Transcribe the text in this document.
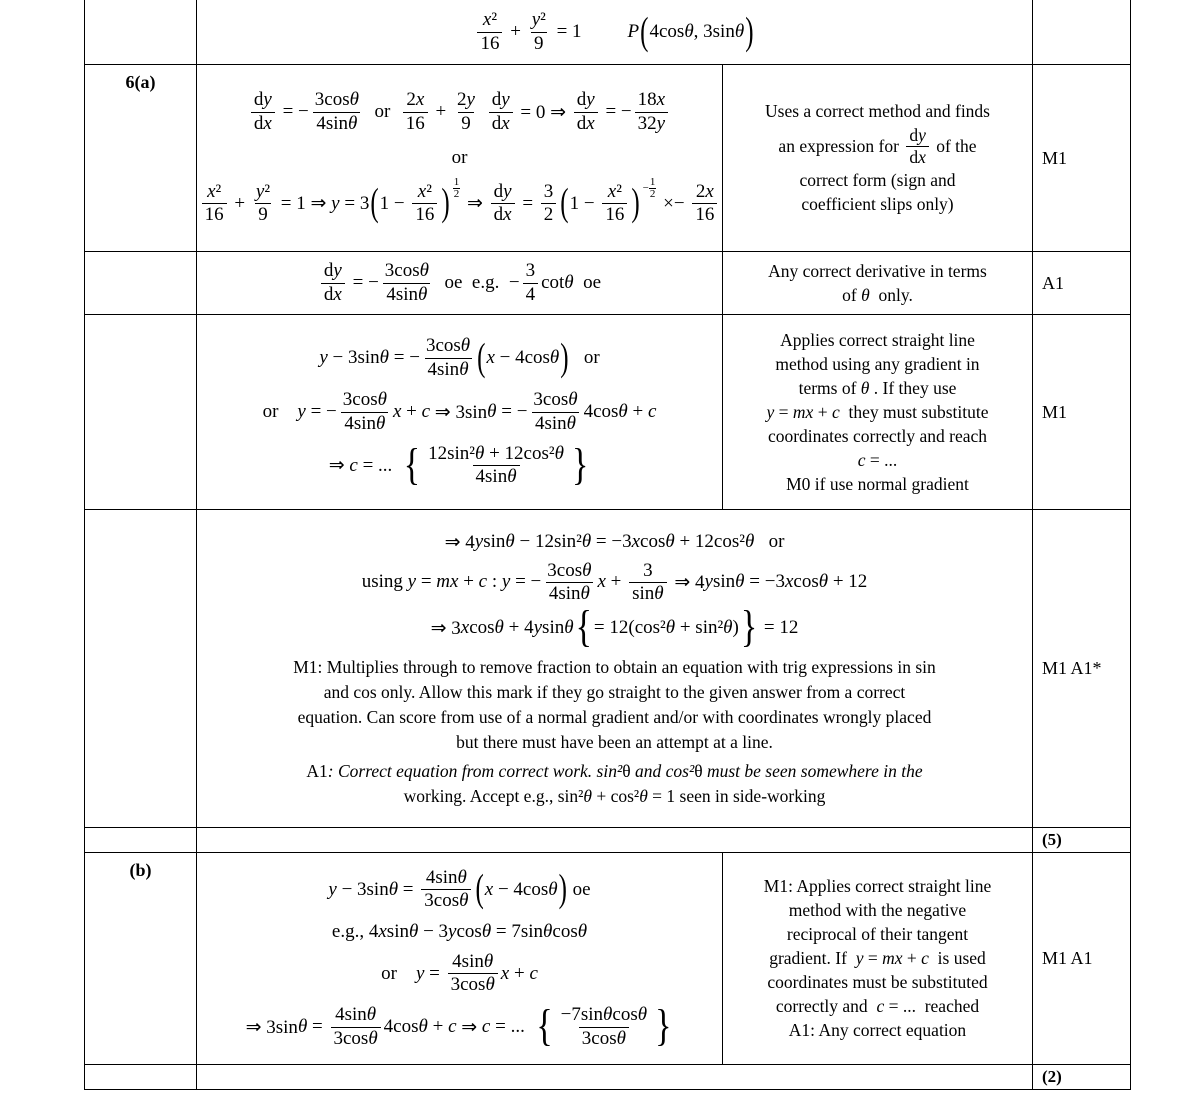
$\frac{\text{x²}}{16} + \frac{\text{y²}}{9} = 1$ P ( 4cos θ , 3sin θ )
6(a)
$\frac{dy}{dx}$ = − $\frac{3\cos\theta}{4\sin\theta}$ or $\frac{2x}{16} + \frac{2y}{9}$
$\frac{dy}{dx} = 0$ ⇒ $\frac{dy}{dx}$ = − $\frac{18x}{32y}$
or
$\frac{\text{x²}}{16} + \frac{\text{y²}}{9} = 1$ ⇒ y = 3 ( $1 - \frac{\text{x²}}{16}$ ) $\frac{1}{2}$
⇒ $\frac{dy}{dx} = \frac{3}{2}$ ( $1 - \frac{\text{x²}}{16}$ ) − $\frac{1}{2}$
×− $\frac{2x}{16}$
Uses a correct method and finds
an expression for $\frac{dy}{dx}$ of the
correct form (sign and
coefficient slips only)
M1
$\frac{dy}{dx}$ = − $\frac{3\cos\theta}{4\sin\theta}$ oe  e.g.  − $\frac{3}{4}$ cot θ oe
Any correct derivative in terms
of θ only.
A1
y − 3sin θ = − $\frac{3\cos\theta}{4\sin\theta}$ ( x − 4cos θ ) or
or y = − $\frac{3\cos\theta}{4\sin\theta}$ x + c ⇒ 3sin θ = − $\frac{3\cos\theta}{4\sin\theta} 4\cos$ θ + c
⇒ c = ... { $\frac{\text{12sin²θ + 12cos²θ}}{4\sin\theta}$ }
Applies correct straight line
method using any gradient in
terms of θ . If they use
y = mx + c they must substitute
coordinates correctly and reach
c = ...
M0 if use normal gradient
M1
⇒ 4 y sin θ − 12sin² θ = −3 x cos θ + 12cos² θ or
using y = mx + c : y = − $\frac{3\cos\theta}{4\sin\theta}$ $x + \frac{3}{\sin\theta}$ ⇒ 4 y sin θ = −3 x cos θ + 12
⇒ 3 x cos θ + 4 y sin θ { = 12(cos² θ + sin² θ ) } = 12
M1: Multiplies through to remove fraction to obtain an equation with trig expressions in sin
and cos only. Allow this mark if they go straight to the given answer from a correct
equation. Can score from use of a normal gradient and/or with coordinates wrongly placed
but there must have been an attempt at a line.
A1: Correct equation from correct work. sin²θ and cos²θ must be seen somewhere in the
working. Accept e.g., sin²θ + cos²θ = 1 seen in side-working
M1 A1*
(5)
(b)
y − 3sin $\theta = \frac{4\sin\theta}{3\cos\theta}$ ( x − 4cos θ ) oe
e.g., 4 x sin θ − 3 y cos θ = 7sin θ cos θ
or $y = \frac{4\sin\theta}{3\cos\theta}$ x + c
⇒ 3sin $\theta = \frac{4\sin\theta}{3\cos\theta} 4\cos$ θ + c ⇒ c = ... { $\frac{-7\sin\theta\cos\theta}{3\cos\theta}$ }
M1: Applies correct straight line
method with the negative
reciprocal of their tangent
gradient. If y = mx + c is used
coordinates must be substituted
correctly and c = ...  reached
A1: Any correct equation
M1 A1
(2)
